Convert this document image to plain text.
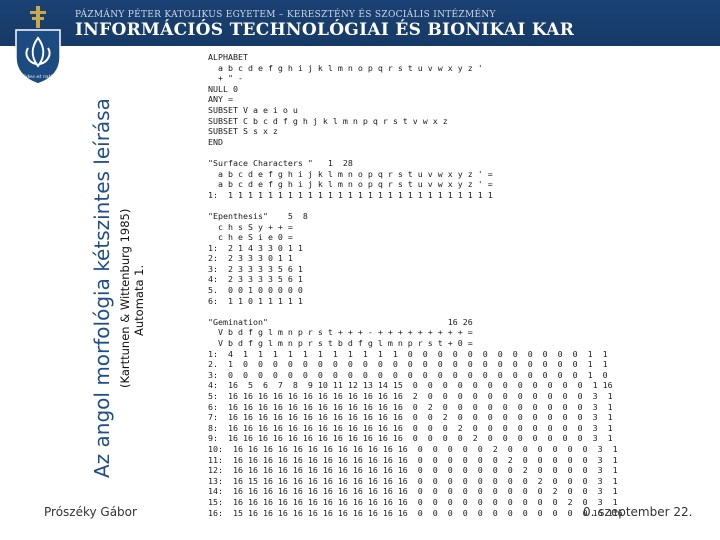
PÁZMÁNY PÉTER KATOLIKUS EGYETEM – KERESZTÉNY ÉS SZOCIÁLIS INTÉZMÉNY
INFORMÁCIÓS TECHNOLÓGIAI ÉS BIONIKAI KAR
Fides et ratio
Az angol morfológia kétszintes leírása (Karttunen & Wittenburg 1985) Automata 1.
ALPHABET
a b c d e f g h i j k l m n o p q r s t u v w x y z '
+ " -
NULL 0
ANY =
SUBSET V a e i o u
SUBSET C b c d f g h j k l m n p q r s t v w x z
SUBSET S s x z
END

"Surface Characters "   1  28
a b c d e f g h i j k l m n o p q r s t u v w x y z ' =
a b c d e f g h i j k l m n o p q r s t u v w x y z ' =
1:  1 1 1 1 1 1 1 1 1 1 1 1 1 1 1 1 1 1 1 1 1 1 1 1 1 1 1

"Epenthesis"    5  8
c h s S y + + =
c h e S i e 0 =
1:  2 1 4 3 3 0 1 1
2:  2 3 3 3 0 1 1
3:  2 3 3 3 3 5 6 1
4:  2 3 3 3 3 5 6 1
5.  0 0 1 0 0 0 0 0
6:  1 1 0 1 1 1 1 1

"Gemination"                                    16 26
V b d f g l m n p r s t + + + - + + + + + + + + + =
V b d f g l m n p r s t b d f g l m n p r s t + 0 =
1:  4  1  1  1  1  1  1  1  1  1  1  1  0  0  0  0  0  0  0  0  0  0  0  0  1  1
2.  1  0  0  0  0  0  0  0  0  0  0  0  0  0  0  0  0  0  0  0  0  0  0  0  1  1
3:  0  0  0  0  0  0  0  0  0  0  0  0  0  0  0  0  0  0  0  0  0  0  0  0  1  0
4:  16  5  6  7  8  9 10 11 12 13 14 15  0  0  0  0  0  0  0  0  0  0  0  0  1 16
5:  16 16 16 16 16 16 16 16 16 16 16 16  2  0  0  0  0  0  0  0  0  0  0  0  3  1
6:  16 16 16 16 16 16 16 16 16 16 16 16  0  2  0  0  0  0  0  0  0  0  0  0  3  1
7:  16 16 16 16 16 16 16 16 16 16 16 16  0  0  2  0  0  0  0  0  0  0  0  0  3  1
8:  16 16 16 16 16 16 16 16 16 16 16 16  0  0  0  2  0  0  0  0  0  0  0  0  3  1
9:  16 16 16 16 16 16 16 16 16 16 16 16  0  0  0  0  2  0  0  0  0  0  0  0  3  1
10:  16 16 16 16 16 16 16 16 16 16 16 16  0  0  0  0  0  2  0  0  0  0  0  0  3  1
11:  16 16 16 16 16 16 16 16 16 16 16 16  0  0  0  0  0  0  2  0  0  0  0  0  3  1
12:  16 16 16 16 16 16 16 16 16 16 16 16  0  0  0  0  0  0  0  2  0  0  0  0  3  1
13:  16 15 16 16 16 16 16 16 16 16 16 16  0  0  0  0  0  0  0  0  2  0  0  0  3  1
14:  16 16 16 16 16 16 16 16 16 16 16 16  0  0  0  0  0  0  0  0  0  2  0  0  3  1
15:  16 16 16 16 16 16 16 16 16 16 16 16  0  0  0  0  0  0  0  0  0  0  2  0  3  1
16:  15 16 16 16 16 16 16 16 16 16 16 16  0  0  0  0  0  0  0  0  0  0  0  0 16 116
Prószéky Gábor	0. szeptember 22.
